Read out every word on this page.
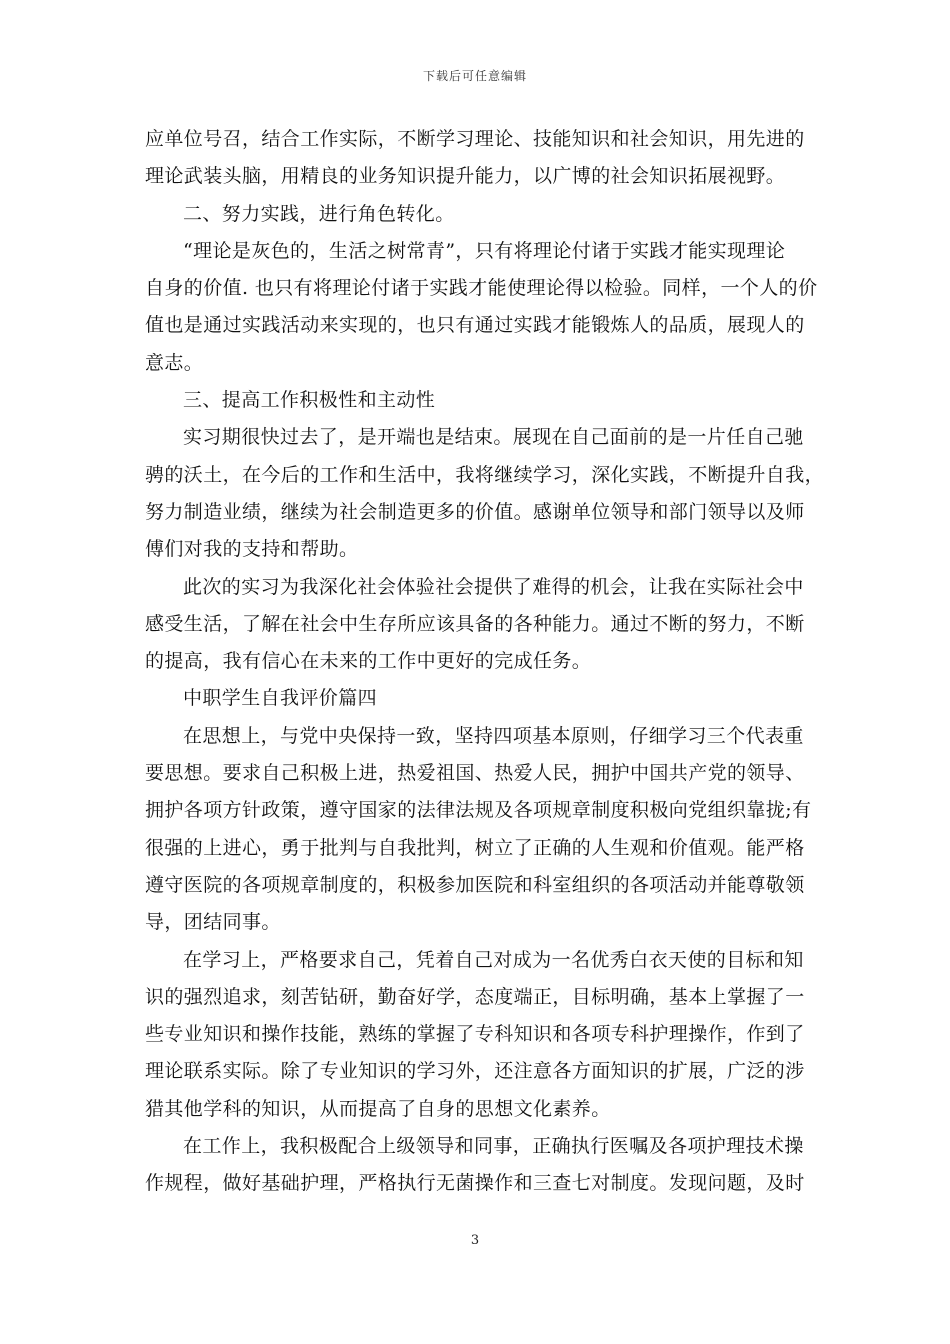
下载后可任意编辑
应单位号召，结合工作实际，不断学习理论、技能知识和社会知识，用先进的
理论武装头脑，用精良的业务知识提升能力，以广博的社会知识拓展视野。
二、努力实践，进行角色转化。
“理论是灰色的，生活之树常青”，只有将理论付诸于实践才能实现理论
自身的价值. 也只有将理论付诸于实践才能使理论得以检验。同样，一个人的价
值也是通过实践活动来实现的，也只有通过实践才能锻炼人的品质，展现人的
意志。
三、提高工作积极性和主动性
实习期很快过去了，是开端也是结束。展现在自己面前的是一片任自己驰
骋的沃土，在今后的工作和生活中，我将继续学习，深化实践，不断提升自我，
努力制造业绩，继续为社会制造更多的价值。感谢单位领导和部门领导以及师
傅们对我的支持和帮助。
此次的实习为我深化社会体验社会提供了难得的机会，让我在实际社会中
感受生活，了解在社会中生存所应该具备的各种能力。通过不断的努力，不断
的提高，我有信心在未来的工作中更好的完成任务。
中职学生自我评价篇四
在思想上，与党中央保持一致，坚持四项基本原则，仔细学习三个代表重
要思想。要求自己积极上进，热爱祖国、热爱人民，拥护中国共产党的领导、
拥护各项方针政策，遵守国家的法律法规及各项规章制度积极向党组织靠拢;有
很强的上进心，勇于批判与自我批判，树立了正确的人生观和价值观。能严格
遵守医院的各项规章制度的，积极参加医院和科室组织的各项活动并能尊敬领
导，团结同事。
在学习上，严格要求自己，凭着自己对成为一名优秀白衣天使的目标和知
识的强烈追求，刻苦钻研，勤奋好学，态度端正，目标明确，基本上掌握了一
些专业知识和操作技能，熟练的掌握了专科知识和各项专科护理操作，作到了
理论联系实际。除了专业知识的学习外，还注意各方面知识的扩展，广泛的涉
猎其他学科的知识，从而提高了自身的思想文化素养。
在工作上，我积极配合上级领导和同事，正确执行医嘱及各项护理技术操
作规程，做好基础护理，严格执行无菌操作和三查七对制度。发现问题，及时
3
